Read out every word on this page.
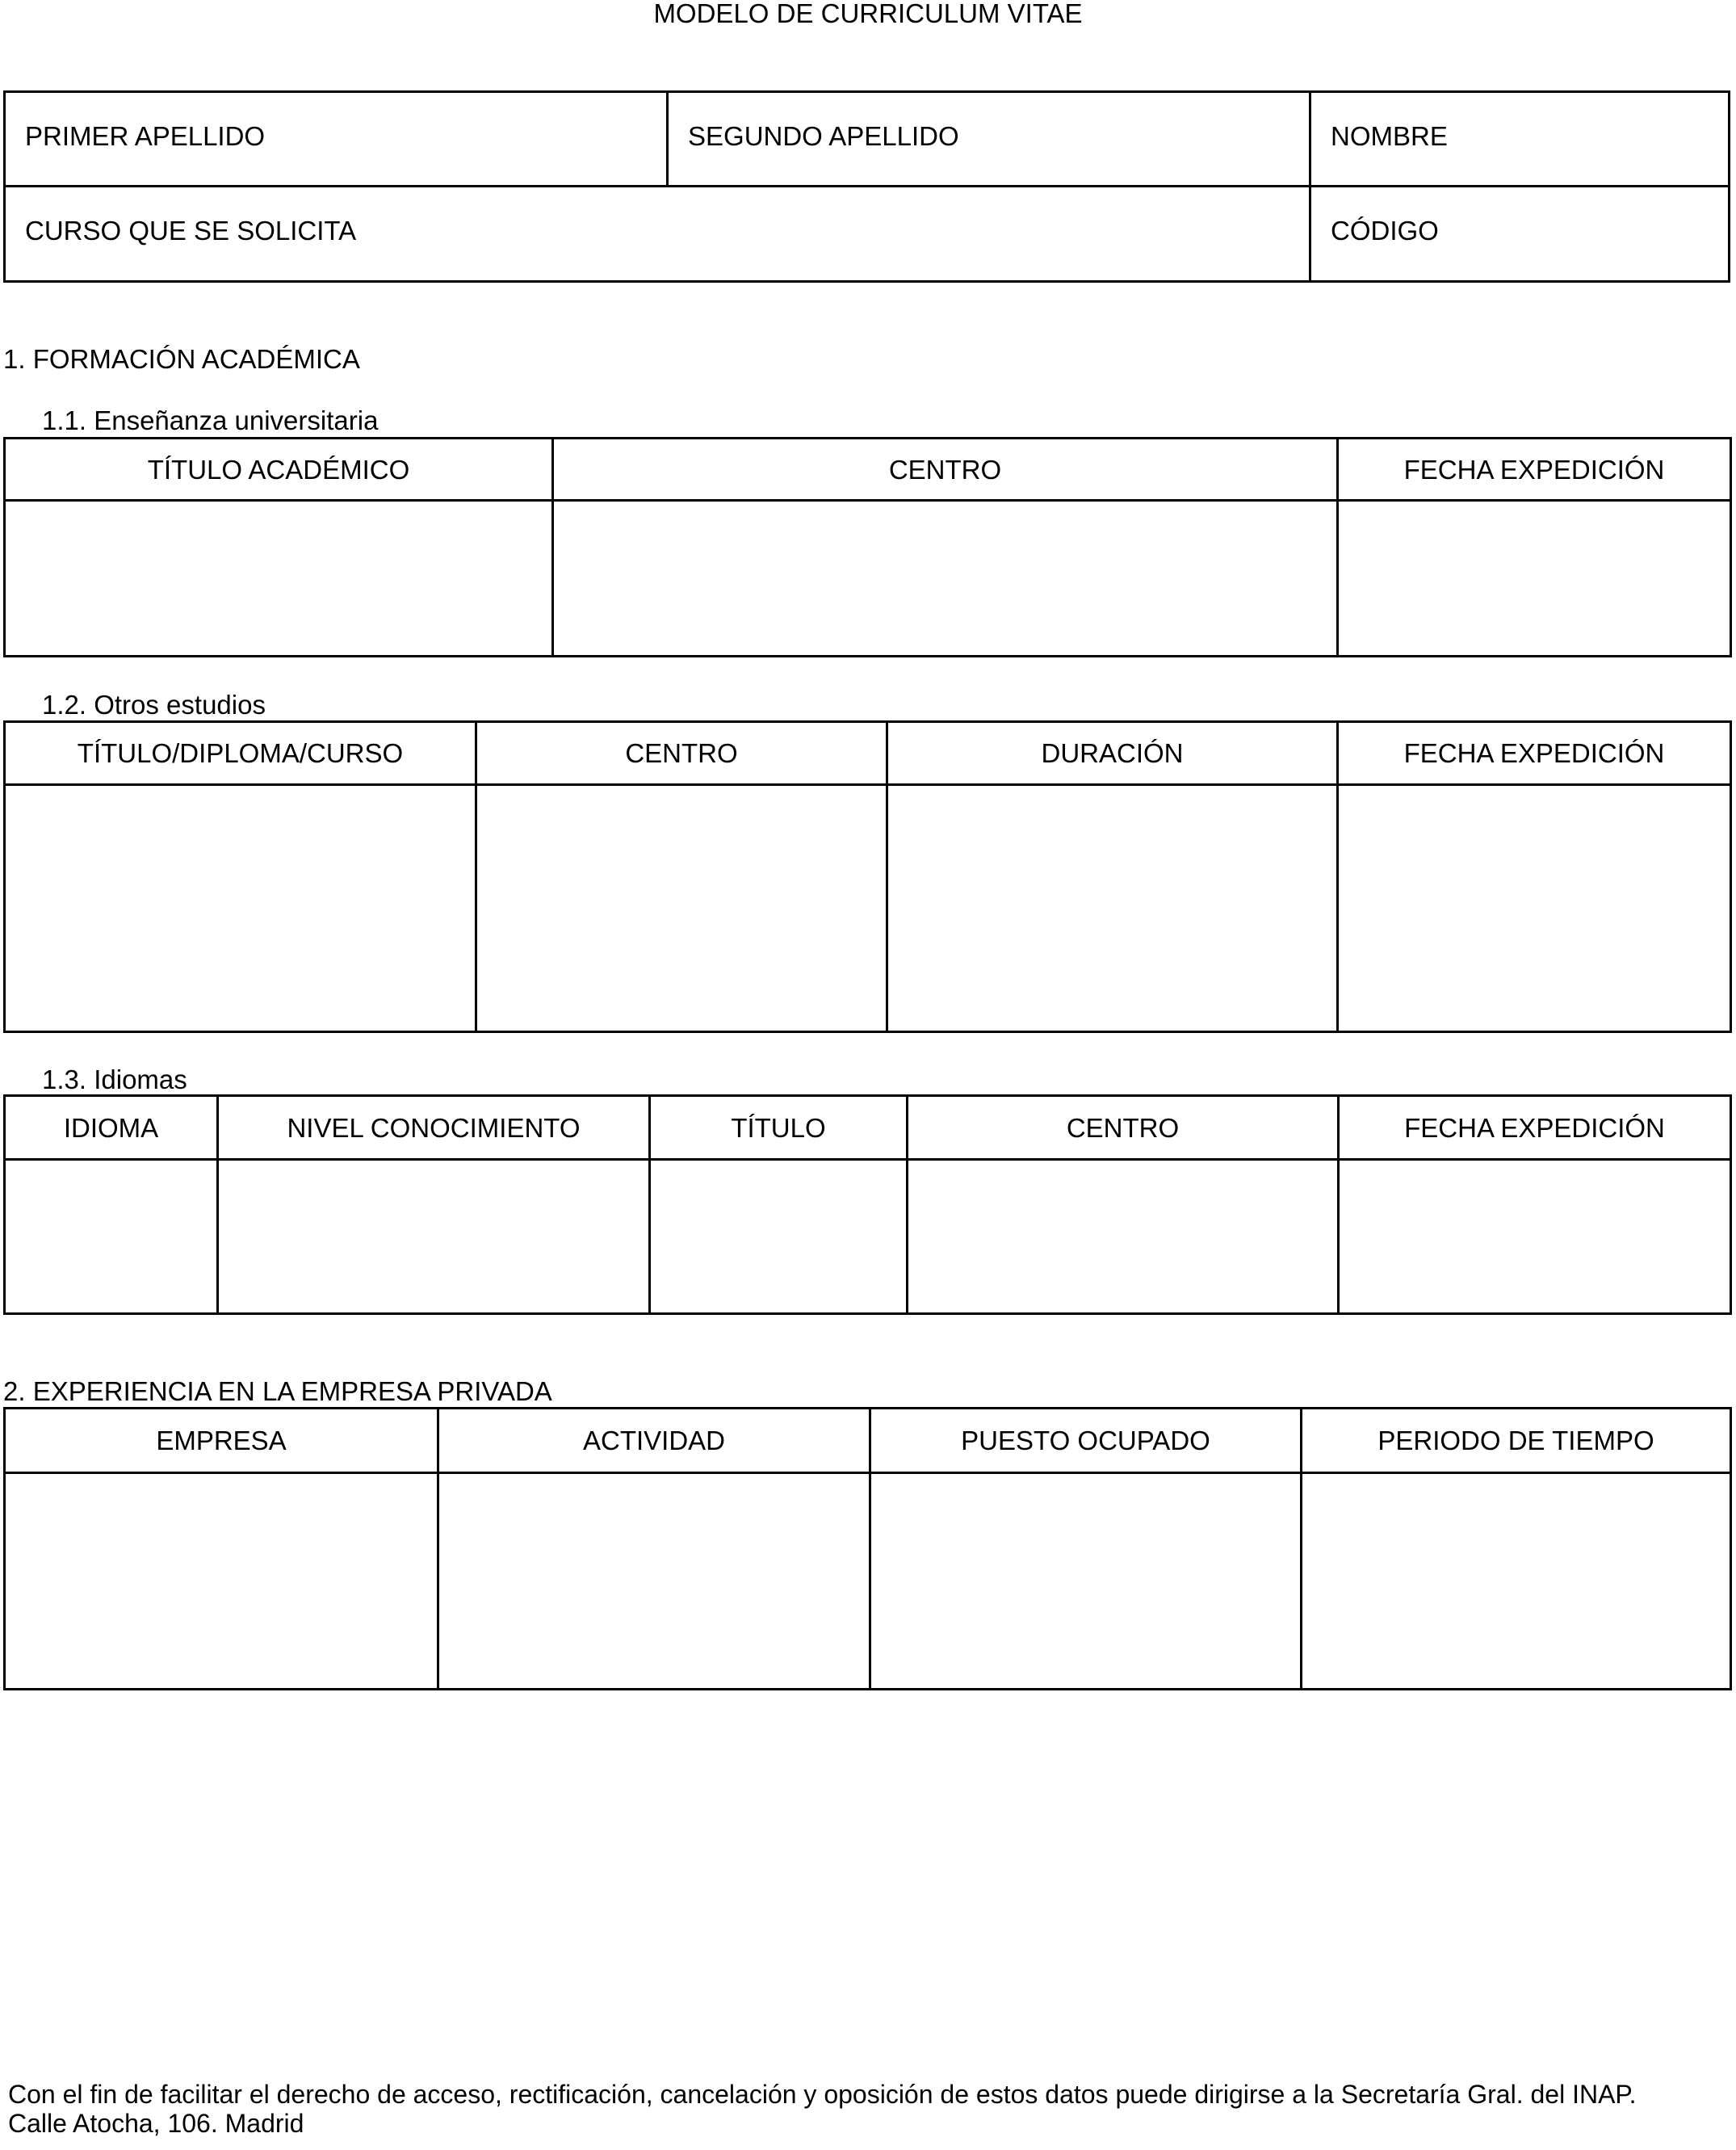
MODELO DE CURRICULUM VITAE
PRIMER APELLIDO	SEGUNDO APELLIDO	NOMBRE
CURSO QUE SE SOLICITA		CÓDIGO
1. FORMACIÓN ACADÉMICA
1.1. Enseñanza universitaria
TÍTULO ACADÉMICO	CENTRO	FECHA EXPEDICIÓN

1.2. Otros estudios
TÍTULO/DIPLOMA/CURSO	CENTRO	DURACIÓN	FECHA EXPEDICIÓN

1.3. Idiomas
IDIOMA	NIVEL CONOCIMIENTO	TÍTULO	CENTRO	FECHA EXPEDICIÓN

2. EXPERIENCIA EN LA EMPRESA PRIVADA
EMPRESA	ACTIVIDAD	PUESTO OCUPADO	PERIODO DE TIEMPO

Con el fin de facilitar el derecho de acceso, rectificación, cancelación y oposición de estos datos puede dirigirse a la Secretaría Gral. del INAP.
Calle Atocha, 106. Madrid
